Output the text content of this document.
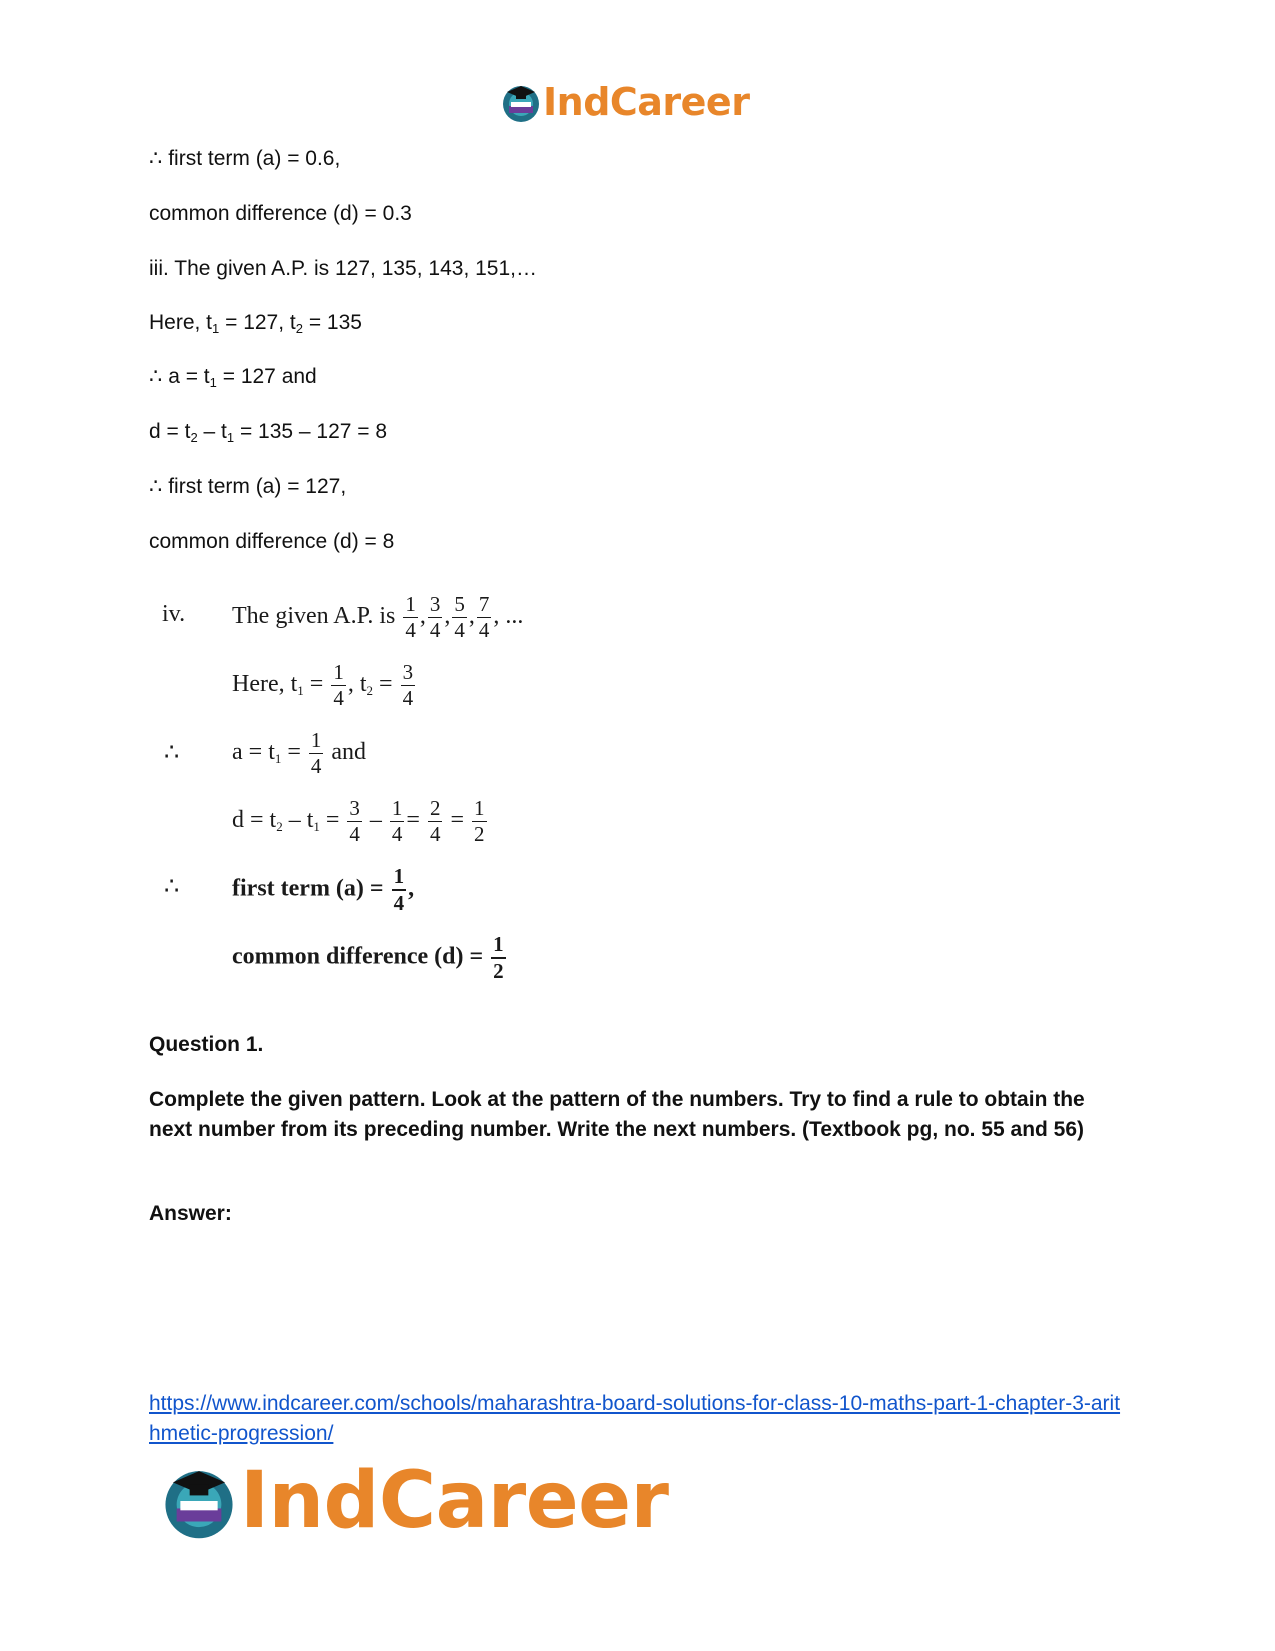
IndCareer
∴ first term (a) = 0.6,
common difference (d) = 0.3
iii. The given A.P. is 127, 135, 143, 151,…
Here, $t_1 = 127$, $t_2 = 135$
∴ $a = t_1 = 127$ and
$d = t_2 - t_1 = 135 - 127 = 8$
∴ first term (a) = 127,
common difference (d) = 8
iv. The given A.P. is $\frac{1}{4}$ , $\frac{3}{4}$ , $\frac{5}{4}$ , $\frac{7}{4}$ , ...
Here, $t_1 = \frac{1}{4}$ , $t_2 = \frac{3}{4}$
∴ $a = t_1 = \frac{1}{4}$ and
$d = t_2 - t_1 = \frac{3}{4} - \frac{1}{4} = \frac{2}{4} = \frac{1}{2}$
∴ first term $(a) = \frac{1}{4}$ ,
common difference $(d) = \frac{1}{2}$
Question 1.
Complete the given pattern. Look at the pattern of the numbers. Try to find a rule to obtain the next number from its preceding number. Write the next numbers. (Textbook pg, no. 55 and 56)
Answer:
https://www.indcareer.com/schools/maharashtra-board-solutions-for-class-10-maths-part-1-chapter-3-arithmetic-progression/
IndCareer
